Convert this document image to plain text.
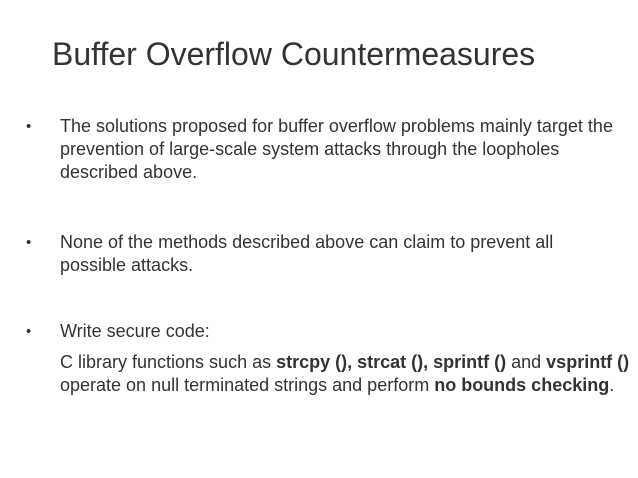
Buffer Overflow Countermeasures
•	The solutions proposed for buffer overflow problems mainly target the prevention of large-scale system attacks through the loopholes described above.
•	None of the methods described above can claim to prevent all possible attacks.
•	Write secure code:
C library functions such as strcpy (), strcat (), sprintf () and vsprintf () operate on null terminated strings and perform no bounds checking.
